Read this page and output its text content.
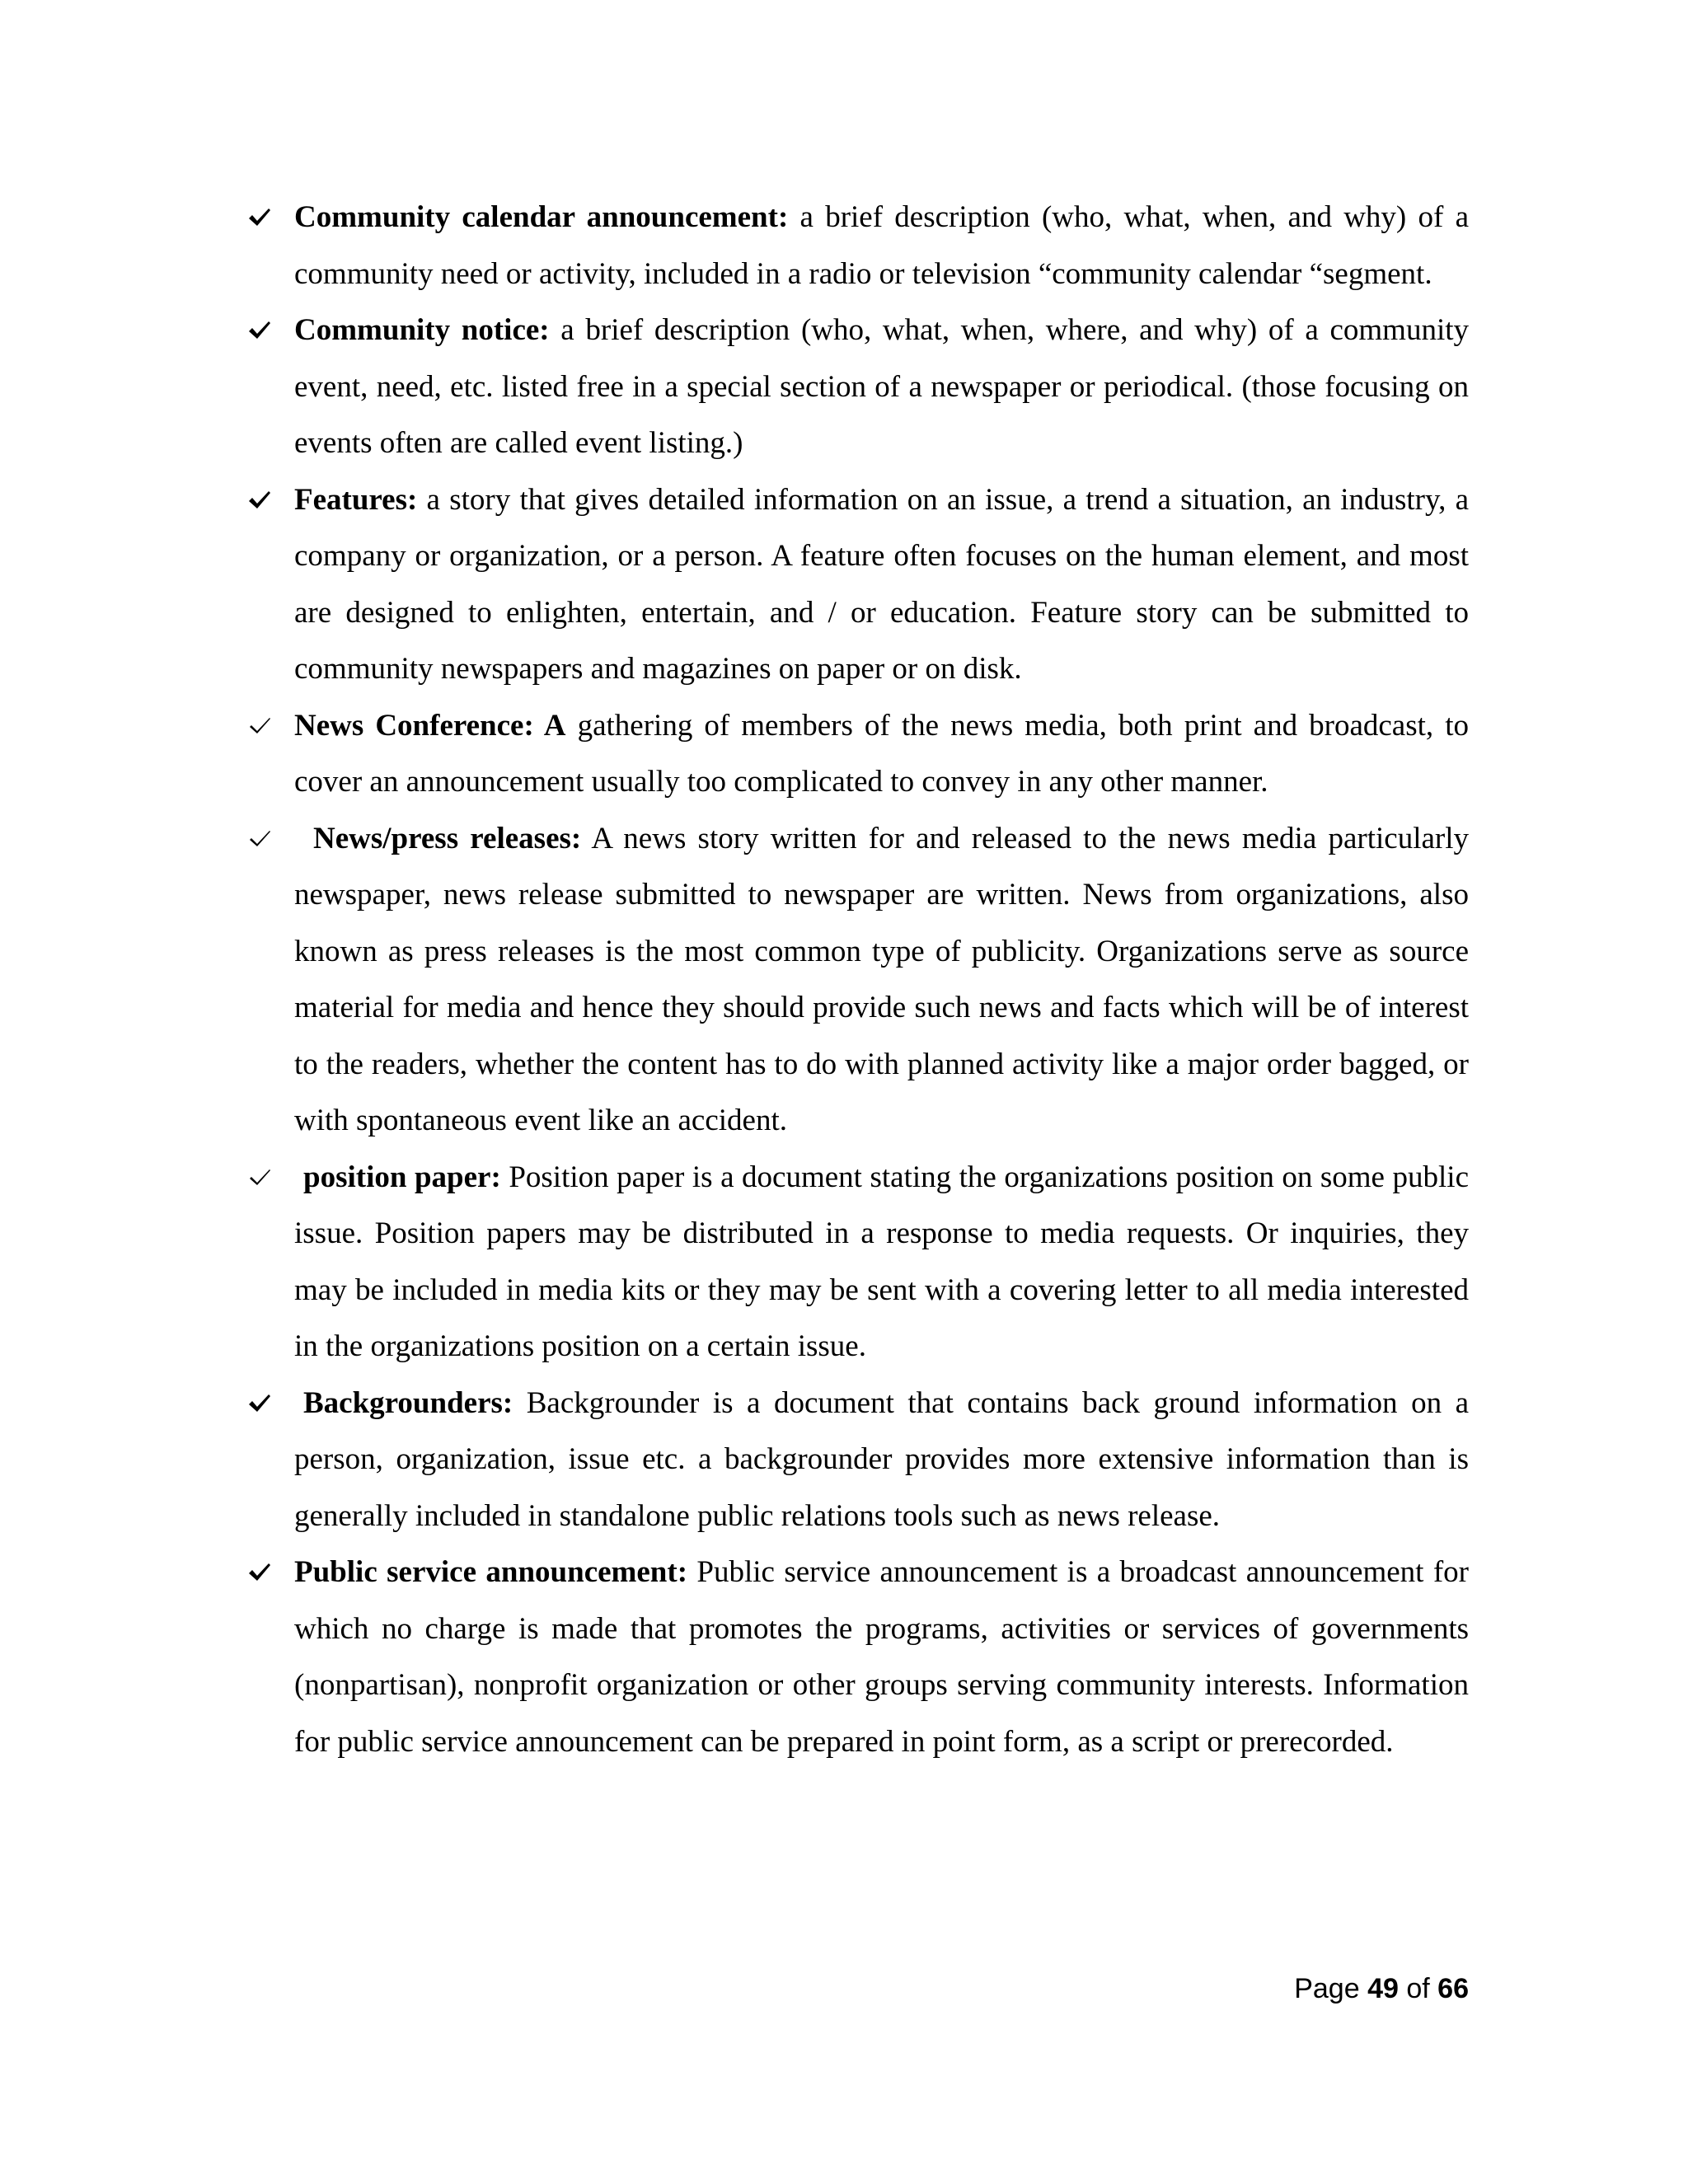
Community calendar announcement: a brief description (who, what, when, and why) of a community need or activity, included in a radio or television “community calendar “segment.
Community notice: a brief description (who, what, when, where, and why) of a community event, need, etc. listed free in a special section of a newspaper or periodical. (those focusing on events often are called event listing.)
Features: a story that gives detailed information on an issue, a trend a situation, an industry, a company or organization, or a person. A feature often focuses on the human element, and most are designed to enlighten, entertain, and / or education. Feature story can be submitted to community newspapers and magazines on paper or on disk.
News Conference: A gathering of members of the news media, both print and broadcast, to cover an announcement usually too complicated to convey in any other manner.
News/press releases: A news story written for and released to the news media particularly newspaper, news release submitted to newspaper are written. News from organizations, also known as press releases is the most common type of publicity. Organizations serve as source material for media and hence they should provide such news and facts which will be of interest to the readers, whether the content has to do with planned activity like a major order bagged, or with spontaneous event like an accident.
position paper: Position paper is a document stating the organizations position on some public issue. Position papers may be distributed in a response to media requests. Or inquiries, they may be included in media kits or they may be sent with a covering letter to all media interested in the organizations position on a certain issue.
Backgrounders: Backgrounder is a document that contains back ground information on a person, organization, issue etc. a backgrounder provides more extensive information than is generally included in standalone public relations tools such as news release.
Public service announcement: Public service announcement is a broadcast announcement for which no charge is made that promotes the programs, activities or services of governments (nonpartisan), nonprofit organization or other groups serving community interests. Information for public service announcement can be prepared in point form, as a script or prerecorded.
Page 49 of 66
